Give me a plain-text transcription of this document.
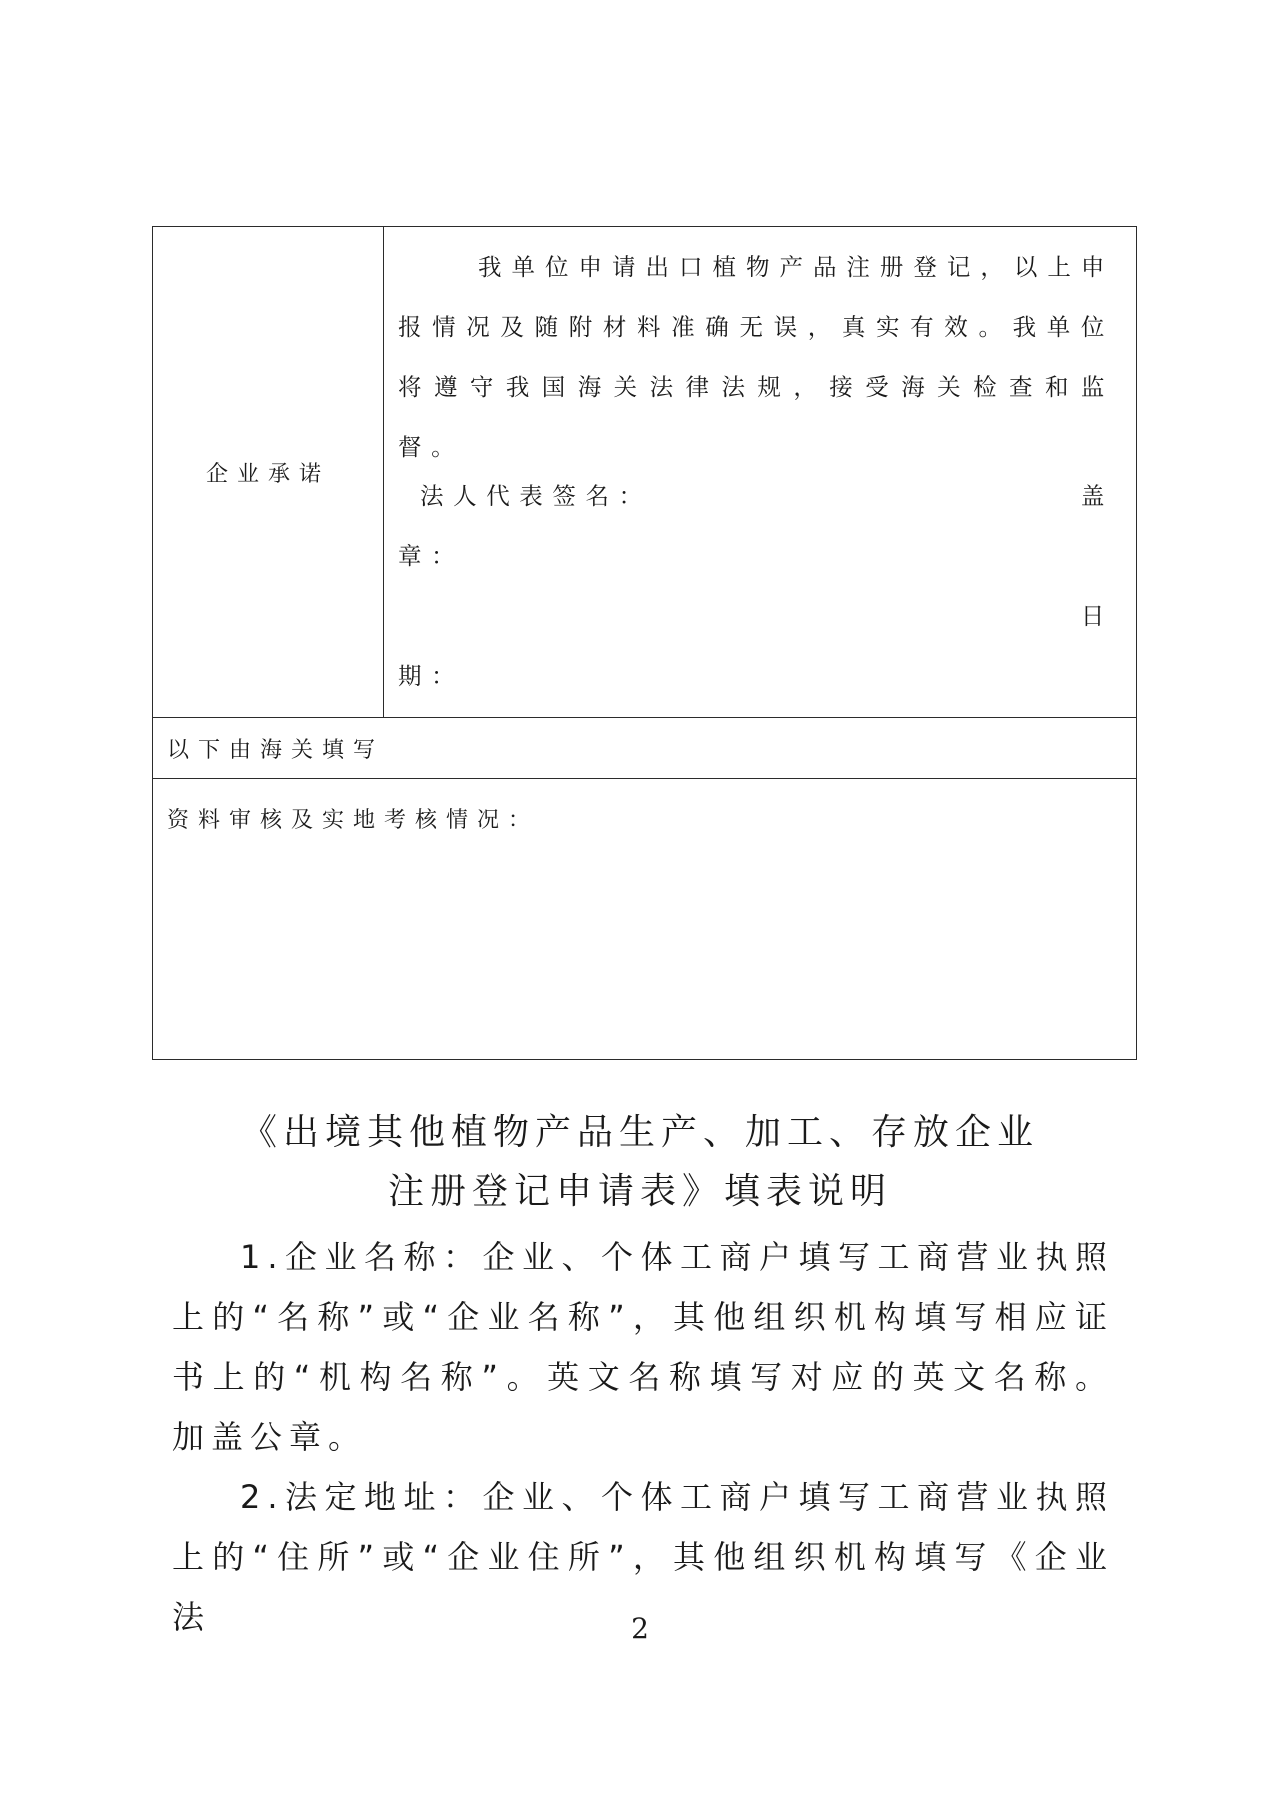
企业承诺	

我单位申请出口植物产品注册登记，以上申报情况及随附材料准确无误，真实有效。我单位将遵守我国海关法律法规，接受海关检查和监督。

法人代表签名：	盖
章：
日
期：

以下由海关填写
资料审核及实地考核情况：
《出境其他植物产品生产、加工、存放企业
注册登记申请表》填表说明

1.企业名称：企业、个体工商户填写工商营业执照上的“名称”或“企业名称”，其他组织机构填写相应证书上的“机构名称”。英文名称填写对应的英文名称。加盖公章。

2.法定地址：企业、个体工商户填写工商营业执照上的“住所”或“企业住所”，其他组织机构填写《企业法	2
